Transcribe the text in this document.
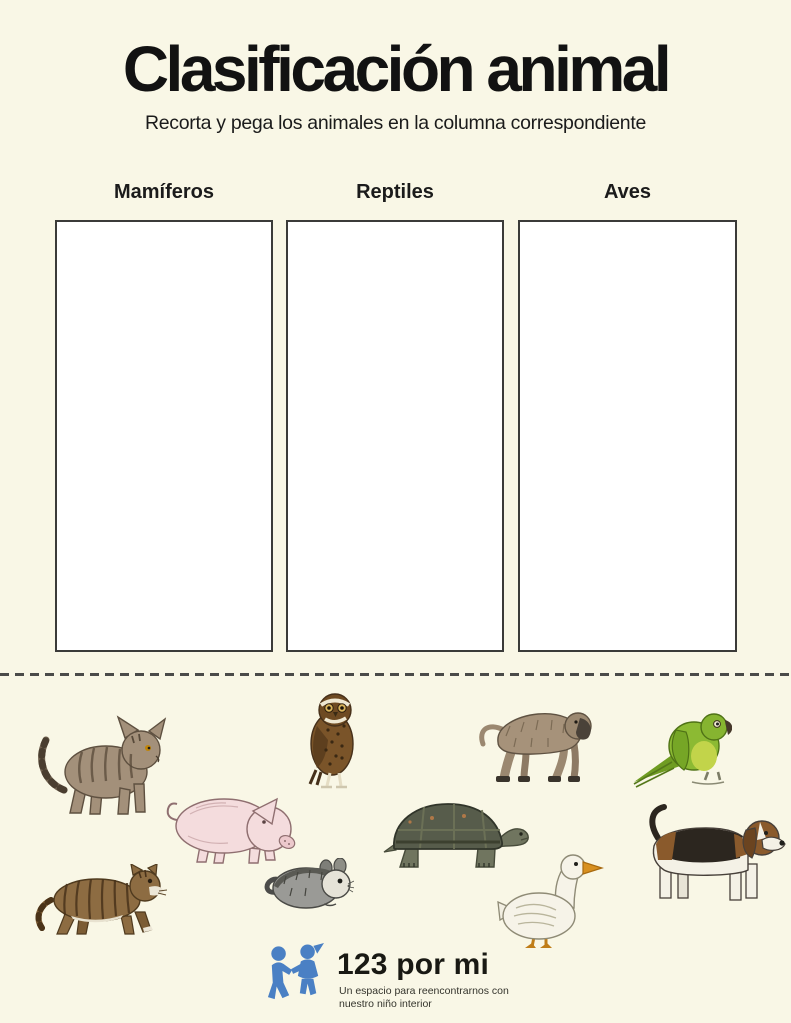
Clasificación animal

Recorta y pega los animales en la columna correspondiente

Mamíferos	Reptiles	Aves
123 por mi
Un espacio para reencontrarnos con nuestro niño interior
